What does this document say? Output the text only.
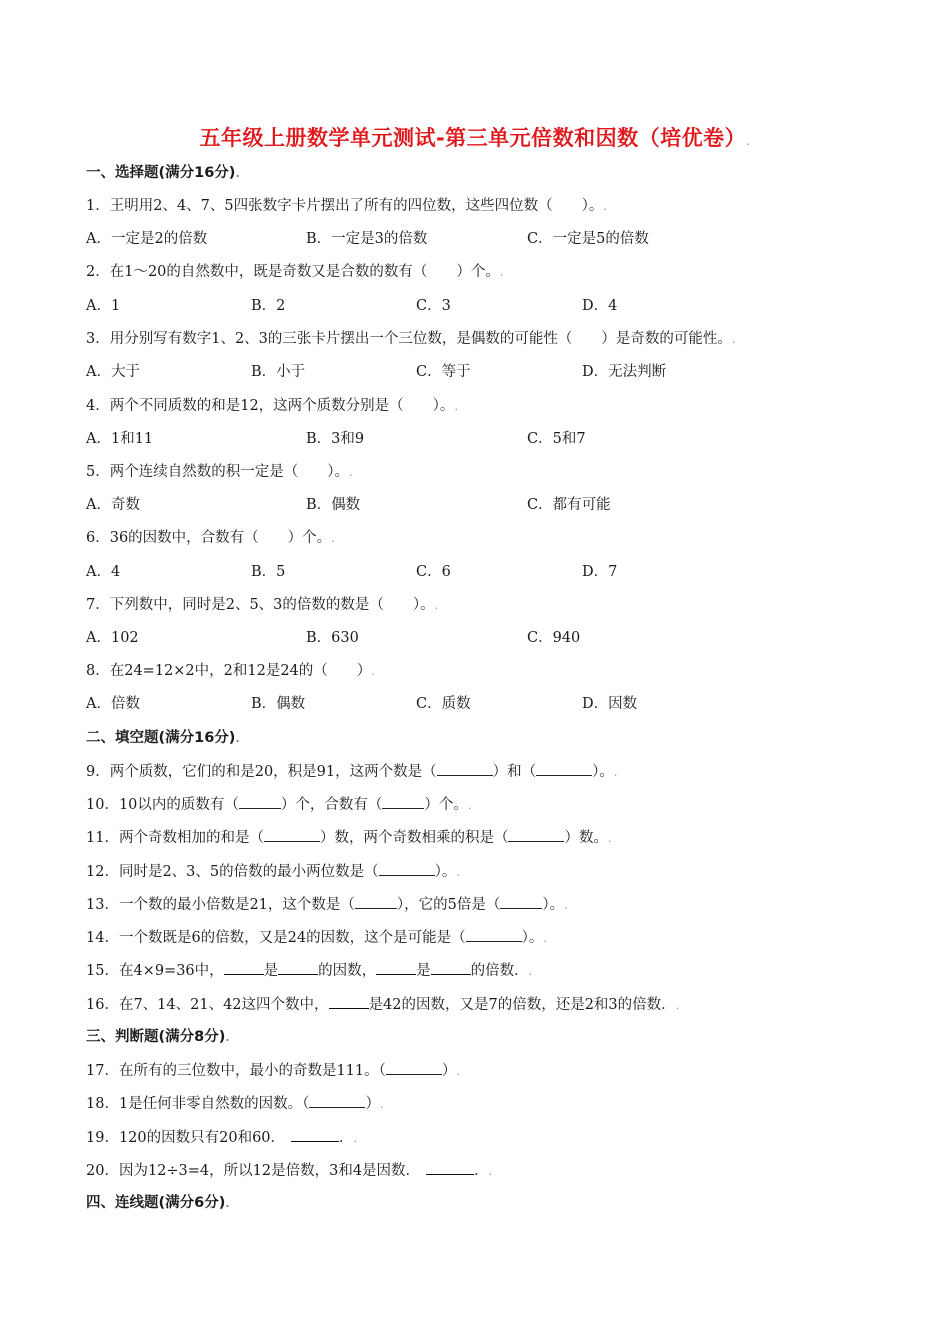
五年级上册数学单元测试-第三单元倍数和因数（培优卷）.
一、选择题(满分16分).
1．王明用2、4、7、5四张数字卡片摆出了所有的四位数，这些四位数（　　）。.
A．一定是2的倍数	B．一定是3的倍数	C．一定是5的倍数
2．在1～20的自然数中，既是奇数又是合数的数有（　　）个。.
A．1	B．2	C．3	D．4
3．用分别写有数字1、2、3的三张卡片摆出一个三位数，是偶数的可能性（　　）是奇数的可能性。.
A．大于	B．小于	C．等于	D．无法判断
4．两个不同质数的和是12，这两个质数分别是（　　）。.
A．1和11	B．3和9	C．5和7
5．两个连续自然数的积一定是（　　）。.
A．奇数	B．偶数	C．都有可能
6．36的因数中，合数有（　　）个。.
A．4	B．5	C．6	D．7
7．下列数中，同时是2、5、3的倍数的数是（　　）。.
A．102	B．630	C．940
8．在24=12×2中，2和12是24的（　　）.
A．倍数	B．偶数	C．质数	D．因数
二、填空题(满分16分).
9．两个质数，它们的和是20，积是91，这两个数是（	）和（	）。.
10．10以内的质数有（	）个，合数有（	）个。.
11．两个奇数相加的和是（	）数，两个奇数相乘的积是（	）数。.
12．同时是2、3、5的倍数的最小两位数是（	）。.
13．一个数的最小倍数是21，这个数是（	），它的5倍是（	）。.
14．一个数既是6的倍数，又是24的因数，这个是可能是（	）。.
15．在4×9=36中，	是	的因数，	是	的倍数．.
16．在7、14、21、42这四个数中，	是42的因数，又是7的倍数，还是2和3的倍数．.
三、判断题(满分8分).
17．在所有的三位数中，最小的奇数是111。（	）.
18．1是任何非零自然数的因数。（	）.
19．120的因数只有20和60．	．.
20．因为12÷3=4，所以12是倍数，3和4是因数．	．.
四、连线题(满分6分).
